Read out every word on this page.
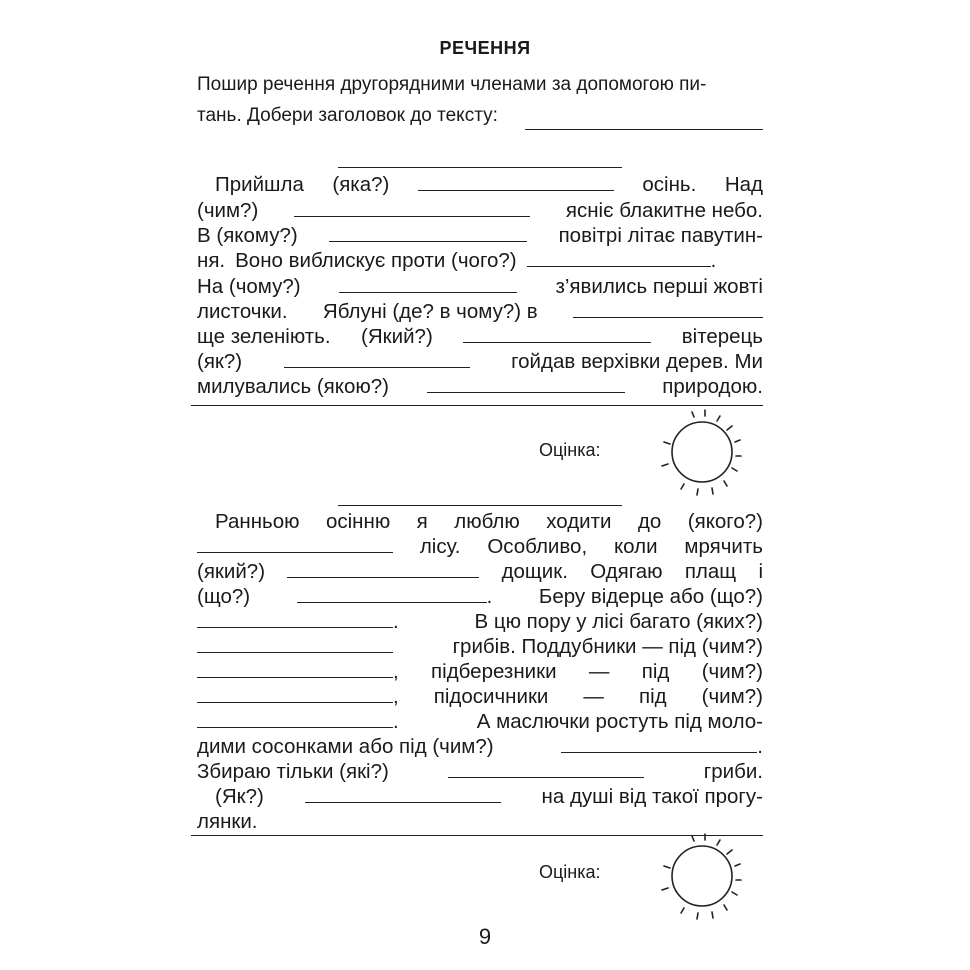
РЕЧЕННЯ
Пошир речення другорядними членами за допомогою пи-
тань. Добери заголовок до тексту:
Прийшла (яка?)	осінь. Над
(чим?)	ясніє блакитне небо.
В (якому?)	повітрі літає павутин-
ня. Воно виблискує проти (чого?)	.
На (чому?)	з’явились перші жовті
листочки. Яблуні (де? в чому?) в
ще зеленіють. (Який?)	вітерець
(як?)	гойдав верхівки дерев. Ми
милувались (якою?)	природою.
Оцінка:
Ранньою осінню я люблю ходити до (якого?)
лісу. Особливо, коли мрячить
(який?)	дощик. Одягаю плащ і
(що?)	. Беру відерце або (що?)
.	В цю пору у лісі багато (яких?)
грибів. Поддубники — під (чим?)
, підберезники — під (чим?)
, підосичники — під (чим?)
.	А маслючки ростуть під моло-
дими сосонками або під (чим?)	.
Збираю тільки (які?)	гриби.
(Як?)	на душі від такої прогу-
лянки.
Оцінка:
9
